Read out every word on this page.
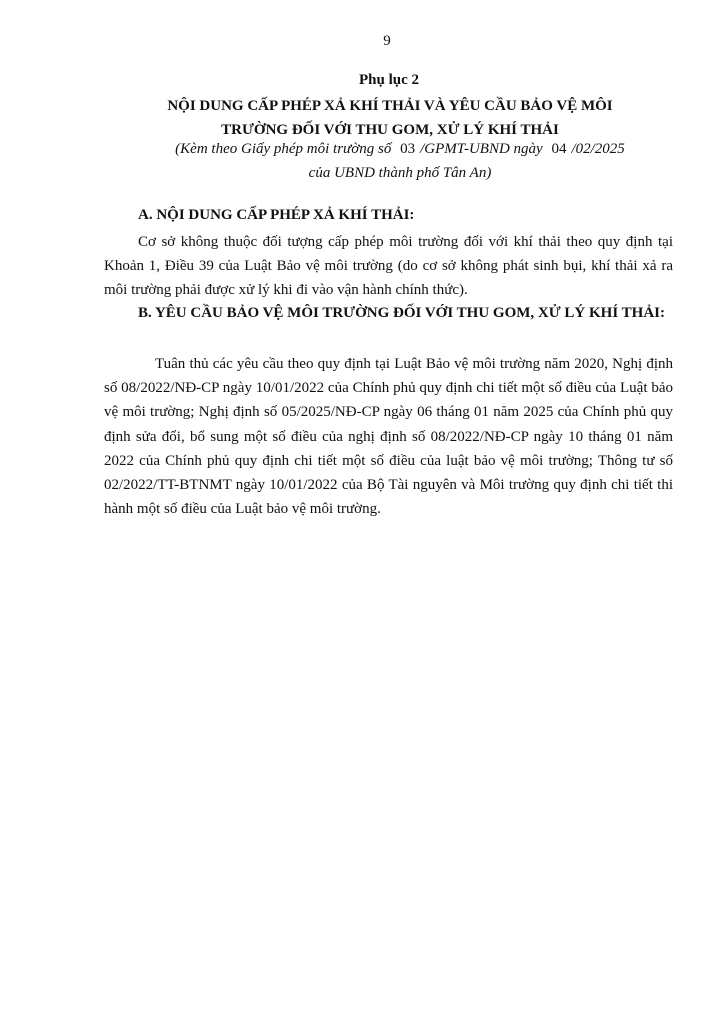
9
Phụ lục 2
NỘI DUNG CẤP PHÉP XẢ KHÍ THẢI VÀ YÊU CẦU BẢO VỆ MÔI
TRƯỜNG ĐỐI VỚI THU GOM, XỬ LÝ KHÍ THẢI
(Kèm theo Giấy phép môi trường số 03 /GPMT-UBND ngày 04 /02/2025
của UBND thành phố Tân An)
A. NỘI DUNG CẤP PHÉP XẢ KHÍ THẢI:
Cơ sở không thuộc đối tượng cấp phép môi trường đối với khí thải theo quy định tại Khoản 1, Điều 39 của Luật Bảo vệ môi trường (do cơ sở không phát sinh bụi, khí thải xả ra môi trường phải được xử lý khi đi vào vận hành chính thức).
B. YÊU CẦU BẢO VỆ MÔI TRƯỜNG ĐỐI VỚI THU GOM, XỬ LÝ KHÍ THẢI:
Tuân thủ các yêu cầu theo quy định tại Luật Bảo vệ môi trường năm 2020, Nghị định số 08/2022/NĐ-CP ngày 10/01/2022 của Chính phủ quy định chi tiết một số điều của Luật bảo vệ môi trường; Nghị định số 05/2025/NĐ-CP ngày 06 tháng 01 năm 2025 của Chính phủ quy định sửa đổi, bổ sung một số điều của nghị định số 08/2022/NĐ-CP ngày 10 tháng 01 năm 2022 của Chính phủ quy định chi tiết một số điều của luật bảo vệ môi trường; Thông tư số 02/2022/TT-BTNMT ngày 10/01/2022 của Bộ Tài nguyên và Môi trường quy định chi tiết thi hành một số điều của Luật bảo vệ môi trường.
